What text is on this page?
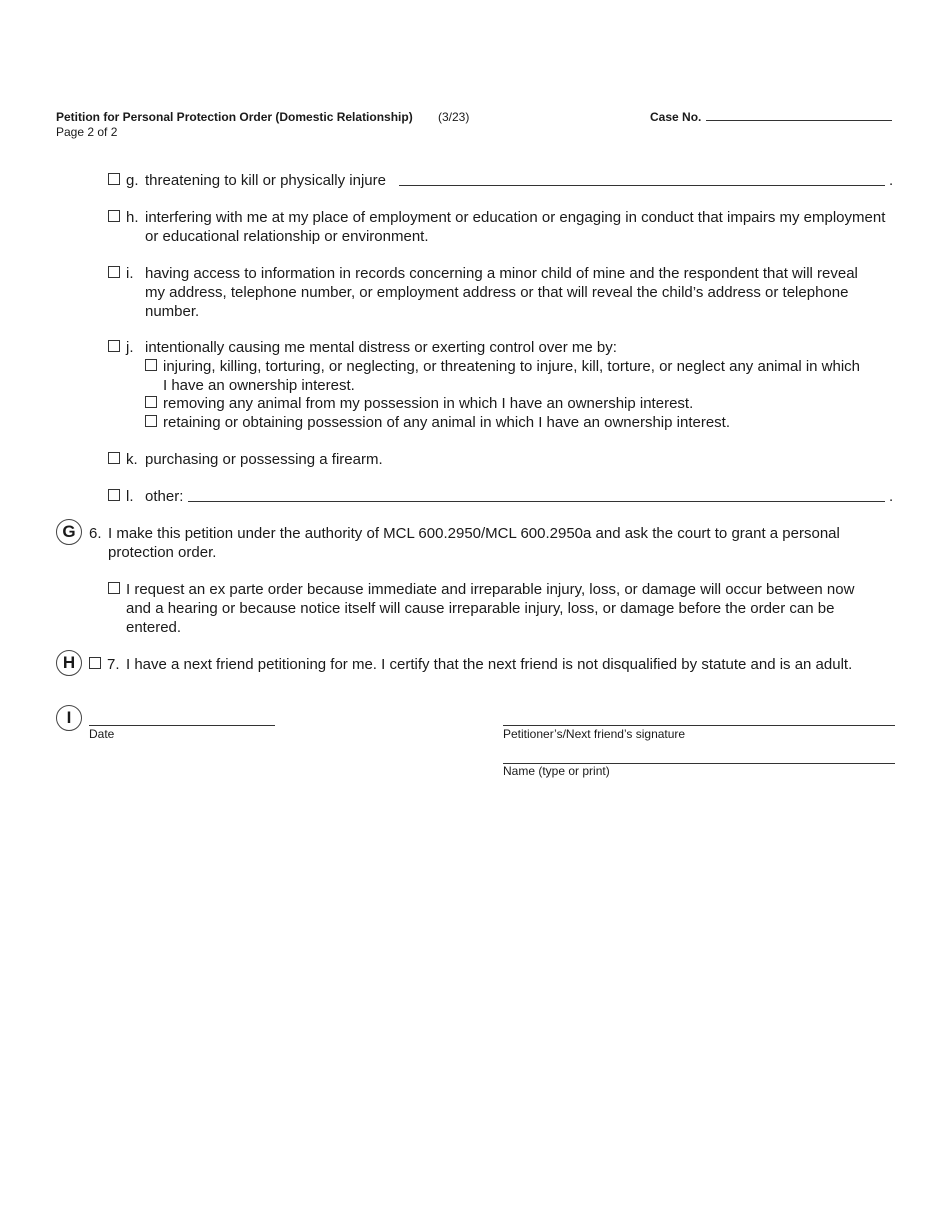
Petition for Personal Protection Order (Domestic Relationship) (3/23)
Page 2 of 2
Case No.
g. threatening to kill or physically injure	.
h. interfering with me at my place of employment or education or engaging in conduct that impairs my employment
or educational relationship or environment.
i. having access to information in records concerning a minor child of mine and the respondent that will reveal
my address, telephone number, or employment address or that will reveal the child’s address or telephone
number.
j. intentionally causing me mental distress or exerting control over me by:
injuring, killing, torturing, or neglecting, or threatening to injure, kill, torture, or neglect any animal in which
I have an ownership interest.
removing any animal from my possession in which I have an ownership interest.
retaining or obtaining possession of any animal in which I have an ownership interest.
k. purchasing or possessing a firearm.
l. other:	.
G 6. I make this petition under the authority of MCL 600.2950/MCL 600.2950a and ask the court to grant a personal
protection order.
I request an ex parte order because immediate and irreparable injury, loss, or damage will occur between now
and a hearing or because notice itself will cause irreparable injury, loss, or damage before the order can be
entered.
H	7. I have a next friend petitioning for me. I certify that the next friend is not disqualified by statute and is an adult.
I
Date	Petitioner’s/Next friend’s signature
Name (type or print)
